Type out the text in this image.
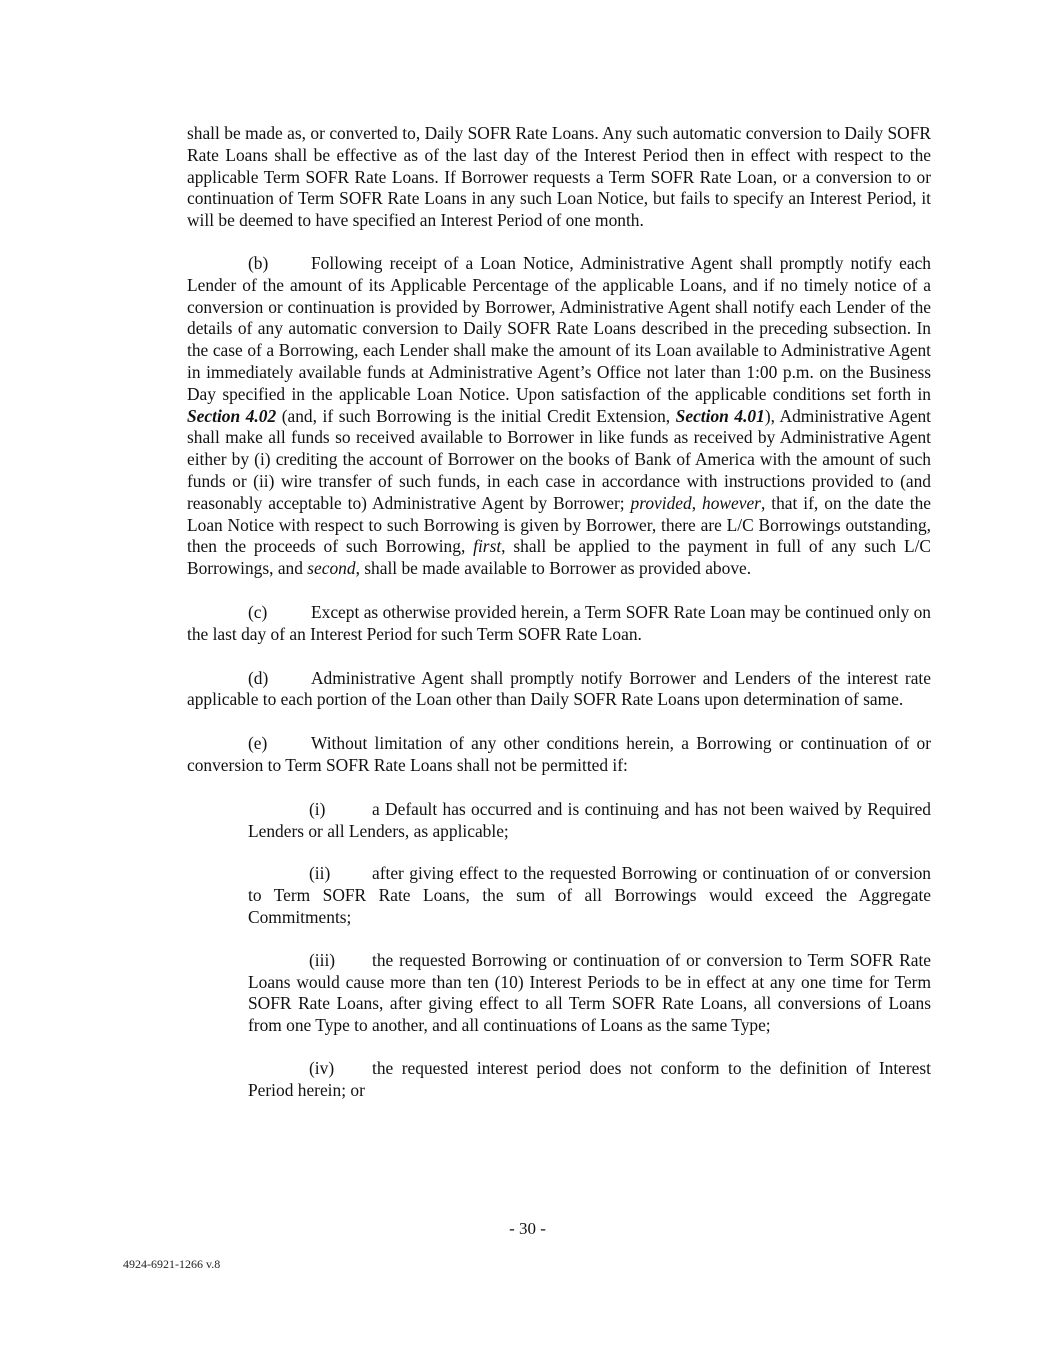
shall be made as, or converted to, Daily SOFR Rate Loans. Any such automatic conversion to Daily SOFR Rate Loans shall be effective as of the last day of the Interest Period then in effect with respect to the applicable Term SOFR Rate Loans. If Borrower requests a Term SOFR Rate Loan, or a conversion to or continuation of Term SOFR Rate Loans in any such Loan Notice, but fails to specify an Interest Period, it will be deemed to have specified an Interest Period of one month.

(b) Following receipt of a Loan Notice, Administrative Agent shall promptly notify each Lender of the amount of its Applicable Percentage of the applicable Loans, and if no timely notice of a conversion or continuation is provided by Borrower, Administrative Agent shall notify each Lender of the details of any automatic conversion to Daily SOFR Rate Loans described in the preceding subsection. In the case of a Borrowing, each Lender shall make the amount of its Loan available to Administrative Agent in immediately available funds at Administrative Agent’s Office not later than 1:00 p.m. on the Business Day specified in the applicable Loan Notice. Upon satisfaction of the applicable conditions set forth in Section 4.02 (and, if such Borrowing is the initial Credit Extension, Section 4.01), Administrative Agent shall make all funds so received available to Borrower in like funds as received by Administrative Agent either by (i) crediting the account of Borrower on the books of Bank of America with the amount of such funds or (ii) wire transfer of such funds, in each case in accordance with instructions provided to (and reasonably acceptable to) Administrative Agent by Borrower; provided, however, that if, on the date the Loan Notice with respect to such Borrowing is given by Borrower, there are L/C Borrowings outstanding, then the proceeds of such Borrowing, first, shall be applied to the payment in full of any such L/C Borrowings, and second, shall be made available to Borrower as provided above.

(c)	Except as otherwise provided herein, a Term SOFR Rate Loan may be continued only on the last day of an Interest Period for such Term SOFR Rate Loan.

(d) Administrative Agent shall promptly notify Borrower and Lenders of the interest rate applicable to each portion of the Loan other than Daily SOFR Rate Loans upon determination of same.

(e)	Without limitation of any other conditions herein, a Borrowing or continuation of or conversion to Term SOFR Rate Loans shall not be permitted if:

(i)	a Default has occurred and is continuing and has not been waived by Required Lenders or all Lenders, as applicable;

(ii) after giving effect to the requested Borrowing or continuation of or conversion to Term SOFR Rate Loans, the sum of all Borrowings would exceed the Aggregate Commitments;

(iii) the requested Borrowing or continuation of or conversion to Term SOFR Rate Loans would cause more than ten (10) Interest Periods to be in effect at any one time for Term SOFR Rate Loans, after giving effect to all Term SOFR Rate Loans, all conversions of Loans from one Type to another, and all continuations of Loans as the same Type;

(iv) the requested interest period does not conform to the definition of Interest Period herein; or

- 30 -
4924-6921-1266 v.8
